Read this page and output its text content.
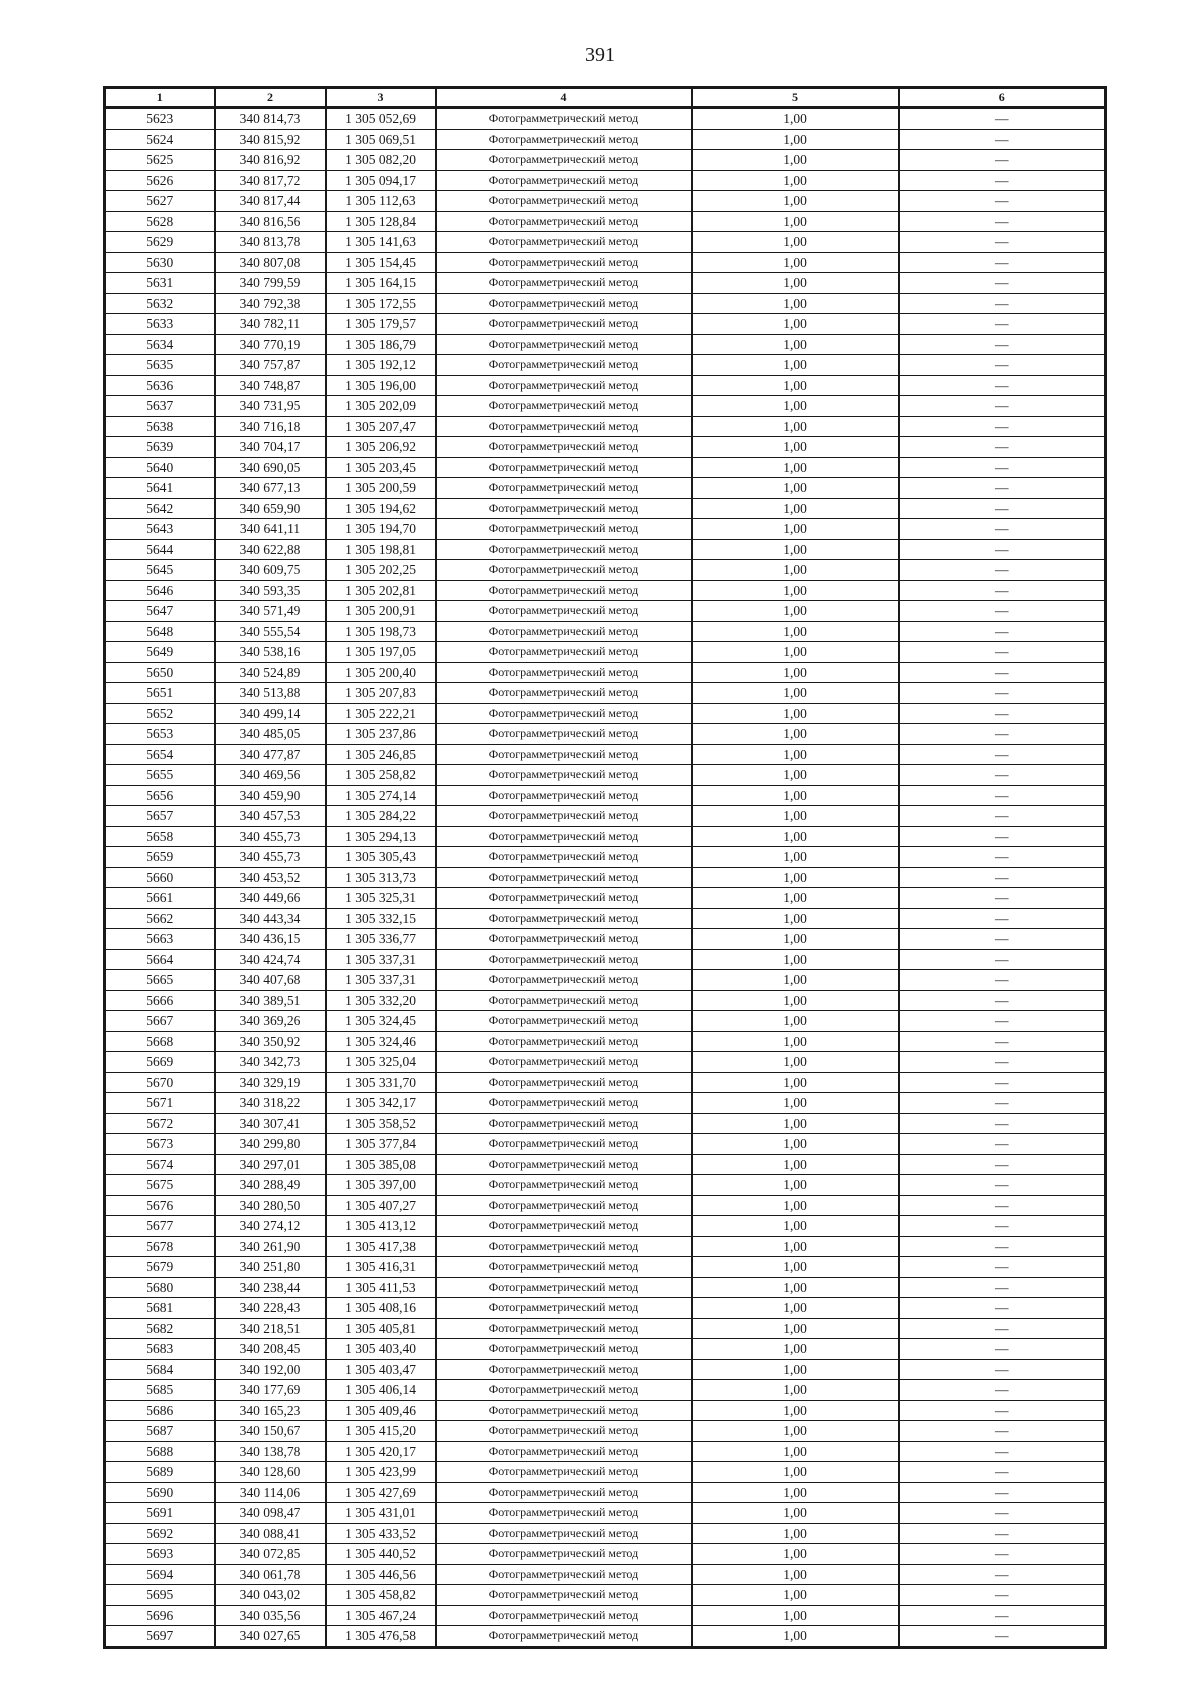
391
1	2	3	4	5	6
5623	340 814,73	1 305 052,69	Фотограмметрический метод	1,00	—
5624	340 815,92	1 305 069,51	Фотограмметрический метод	1,00	—
5625	340 816,92	1 305 082,20	Фотограмметрический метод	1,00	—
5626	340 817,72	1 305 094,17	Фотограмметрический метод	1,00	—
5627	340 817,44	1 305 112,63	Фотограмметрический метод	1,00	—
5628	340 816,56	1 305 128,84	Фотограмметрический метод	1,00	—
5629	340 813,78	1 305 141,63	Фотограмметрический метод	1,00	—
5630	340 807,08	1 305 154,45	Фотограмметрический метод	1,00	—
5631	340 799,59	1 305 164,15	Фотограмметрический метод	1,00	—
5632	340 792,38	1 305 172,55	Фотограмметрический метод	1,00	—
5633	340 782,11	1 305 179,57	Фотограмметрический метод	1,00	—
5634	340 770,19	1 305 186,79	Фотограмметрический метод	1,00	—
5635	340 757,87	1 305 192,12	Фотограмметрический метод	1,00	—
5636	340 748,87	1 305 196,00	Фотограмметрический метод	1,00	—
5637	340 731,95	1 305 202,09	Фотограмметрический метод	1,00	—
5638	340 716,18	1 305 207,47	Фотограмметрический метод	1,00	—
5639	340 704,17	1 305 206,92	Фотограмметрический метод	1,00	—
5640	340 690,05	1 305 203,45	Фотограмметрический метод	1,00	—
5641	340 677,13	1 305 200,59	Фотограмметрический метод	1,00	—
5642	340 659,90	1 305 194,62	Фотограмметрический метод	1,00	—
5643	340 641,11	1 305 194,70	Фотограмметрический метод	1,00	—
5644	340 622,88	1 305 198,81	Фотограмметрический метод	1,00	—
5645	340 609,75	1 305 202,25	Фотограмметрический метод	1,00	—
5646	340 593,35	1 305 202,81	Фотограмметрический метод	1,00	—
5647	340 571,49	1 305 200,91	Фотограмметрический метод	1,00	—
5648	340 555,54	1 305 198,73	Фотограмметрический метод	1,00	—
5649	340 538,16	1 305 197,05	Фотограмметрический метод	1,00	—
5650	340 524,89	1 305 200,40	Фотограмметрический метод	1,00	—
5651	340 513,88	1 305 207,83	Фотограмметрический метод	1,00	—
5652	340 499,14	1 305 222,21	Фотограмметрический метод	1,00	—
5653	340 485,05	1 305 237,86	Фотограмметрический метод	1,00	—
5654	340 477,87	1 305 246,85	Фотограмметрический метод	1,00	—
5655	340 469,56	1 305 258,82	Фотограмметрический метод	1,00	—
5656	340 459,90	1 305 274,14	Фотограмметрический метод	1,00	—
5657	340 457,53	1 305 284,22	Фотограмметрический метод	1,00	—
5658	340 455,73	1 305 294,13	Фотограмметрический метод	1,00	—
5659	340 455,73	1 305 305,43	Фотограмметрический метод	1,00	—
5660	340 453,52	1 305 313,73	Фотограмметрический метод	1,00	—
5661	340 449,66	1 305 325,31	Фотограмметрический метод	1,00	—
5662	340 443,34	1 305 332,15	Фотограмметрический метод	1,00	—
5663	340 436,15	1 305 336,77	Фотограмметрический метод	1,00	—
5664	340 424,74	1 305 337,31	Фотограмметрический метод	1,00	—
5665	340 407,68	1 305 337,31	Фотограмметрический метод	1,00	—
5666	340 389,51	1 305 332,20	Фотограмметрический метод	1,00	—
5667	340 369,26	1 305 324,45	Фотограмметрический метод	1,00	—
5668	340 350,92	1 305 324,46	Фотограмметрический метод	1,00	—
5669	340 342,73	1 305 325,04	Фотограмметрический метод	1,00	—
5670	340 329,19	1 305 331,70	Фотограмметрический метод	1,00	—
5671	340 318,22	1 305 342,17	Фотограмметрический метод	1,00	—
5672	340 307,41	1 305 358,52	Фотограмметрический метод	1,00	—
5673	340 299,80	1 305 377,84	Фотограмметрический метод	1,00	—
5674	340 297,01	1 305 385,08	Фотограмметрический метод	1,00	—
5675	340 288,49	1 305 397,00	Фотограмметрический метод	1,00	—
5676	340 280,50	1 305 407,27	Фотограмметрический метод	1,00	—
5677	340 274,12	1 305 413,12	Фотограмметрический метод	1,00	—
5678	340 261,90	1 305 417,38	Фотограмметрический метод	1,00	—
5679	340 251,80	1 305 416,31	Фотограмметрический метод	1,00	—
5680	340 238,44	1 305 411,53	Фотограмметрический метод	1,00	—
5681	340 228,43	1 305 408,16	Фотограмметрический метод	1,00	—
5682	340 218,51	1 305 405,81	Фотограмметрический метод	1,00	—
5683	340 208,45	1 305 403,40	Фотограмметрический метод	1,00	—
5684	340 192,00	1 305 403,47	Фотограмметрический метод	1,00	—
5685	340 177,69	1 305 406,14	Фотограмметрический метод	1,00	—
5686	340 165,23	1 305 409,46	Фотограмметрический метод	1,00	—
5687	340 150,67	1 305 415,20	Фотограмметрический метод	1,00	—
5688	340 138,78	1 305 420,17	Фотограмметрический метод	1,00	—
5689	340 128,60	1 305 423,99	Фотограмметрический метод	1,00	—
5690	340 114,06	1 305 427,69	Фотограмметрический метод	1,00	—
5691	340 098,47	1 305 431,01	Фотограмметрический метод	1,00	—
5692	340 088,41	1 305 433,52	Фотограмметрический метод	1,00	—
5693	340 072,85	1 305 440,52	Фотограмметрический метод	1,00	—
5694	340 061,78	1 305 446,56	Фотограмметрический метод	1,00	—
5695	340 043,02	1 305 458,82	Фотограмметрический метод	1,00	—
5696	340 035,56	1 305 467,24	Фотограмметрический метод	1,00	—
5697	340 027,65	1 305 476,58	Фотограмметрический метод	1,00	—
